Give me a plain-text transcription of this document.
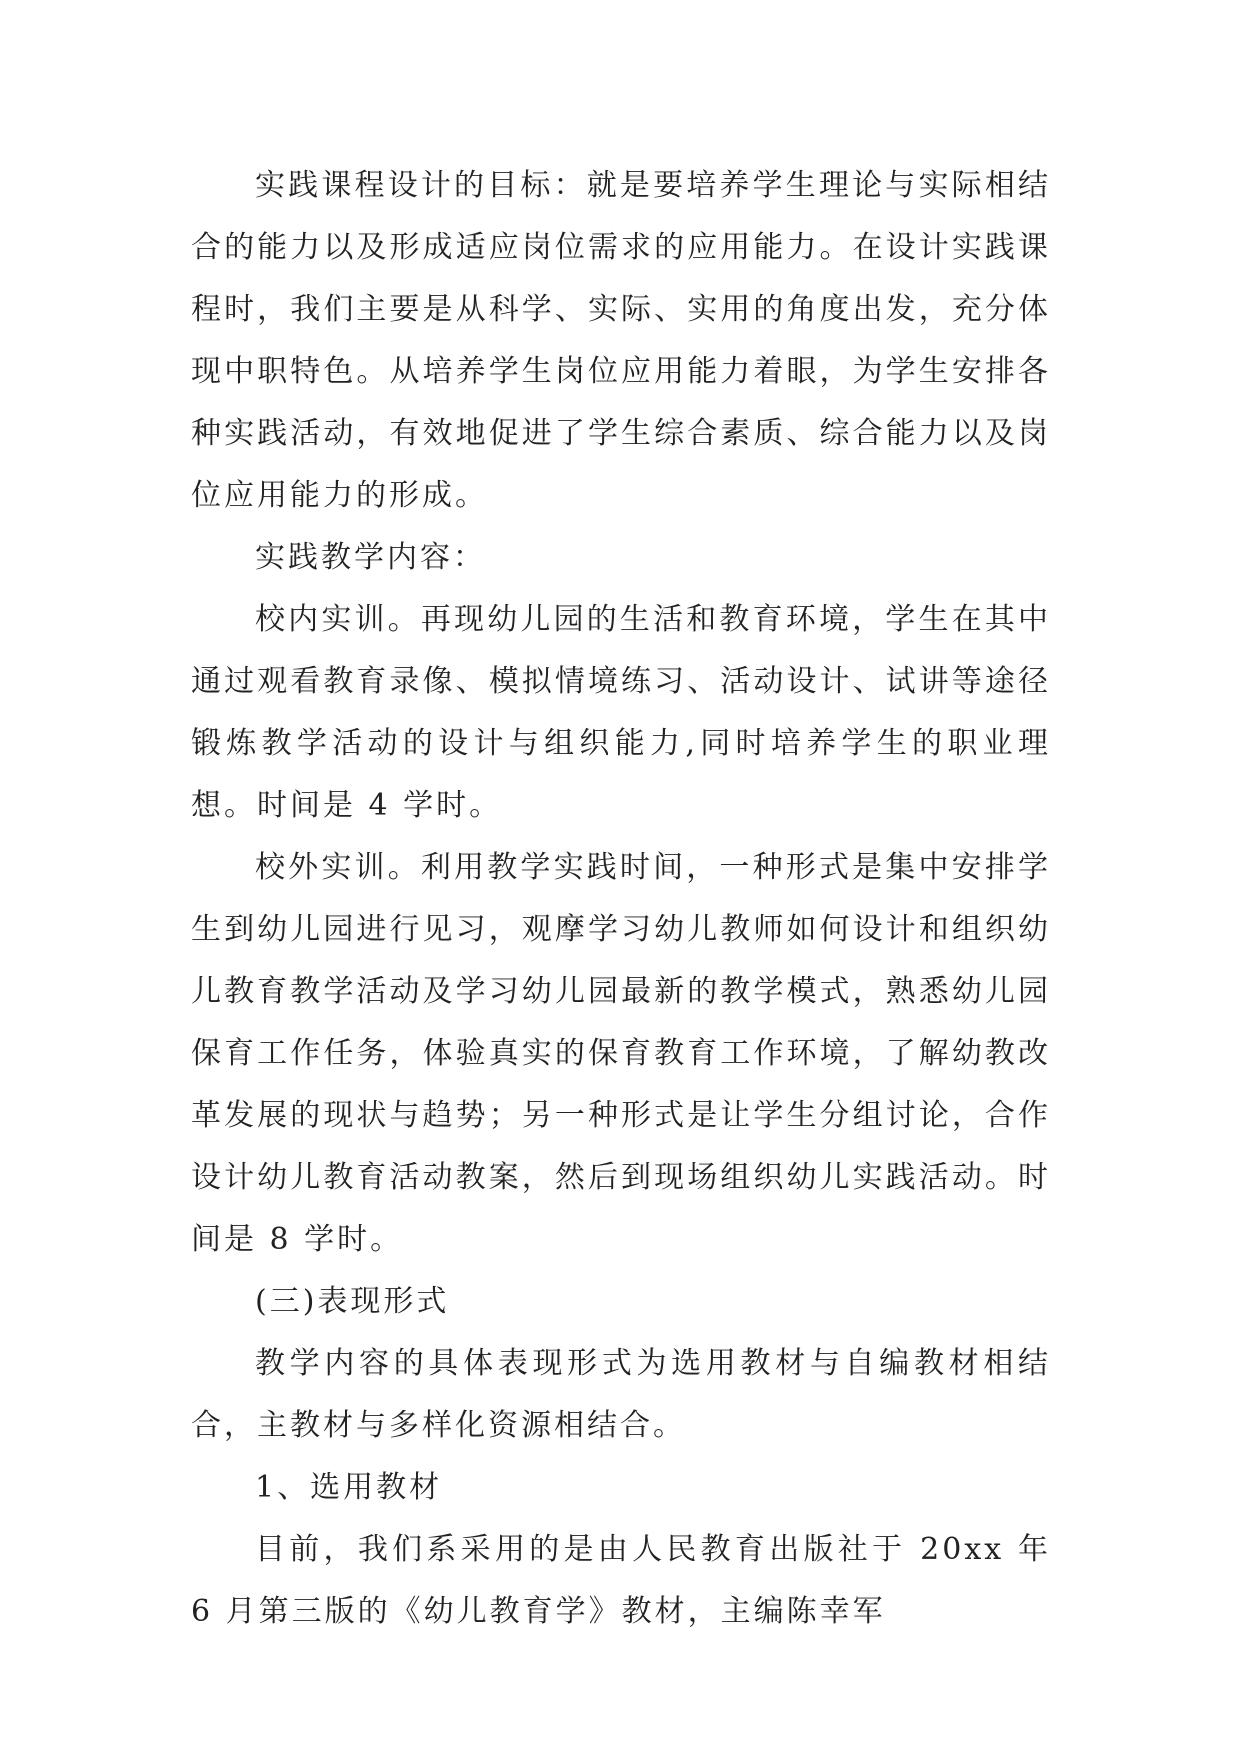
实践课程设计的目标：就是要培养学生理论与实际相结合的能力以及形成适应岗位需求的应用能力。在设计实践课程时，我们主要是从科学、实际、实用的角度出发，充分体现中职特色。从培养学生岗位应用能力着眼，为学生安排各种实践活动，有效地促进了学生综合素质、综合能力以及岗位应用能力的形成。

实践教学内容：

校内实训。再现幼儿园的生活和教育环境，学生在其中通过观看教育录像、模拟情境练习、活动设计、试讲等途径锻炼教学活动的设计与组织能力,同时培养学生的职业理想。时间是 4 学时。

校外实训。利用教学实践时间，一种形式是集中安排学生到幼儿园进行见习，观摩学习幼儿教师如何设计和组织幼儿教育教学活动及学习幼儿园最新的教学模式，熟悉幼儿园保育工作任务，体验真实的保育教育工作环境，了解幼教改革发展的现状与趋势；另一种形式是让学生分组讨论，合作设计幼儿教育活动教案，然后到现场组织幼儿实践活动。时间是 8 学时。

(三)表现形式

教学内容的具体表现形式为选用教材与自编教材相结合，主教材与多样化资源相结合。

1、选用教材

目前，我们系采用的是由人民教育出版社于 20xx 年 6 月第三版的《幼儿教育学》教材，主编陈幸军
